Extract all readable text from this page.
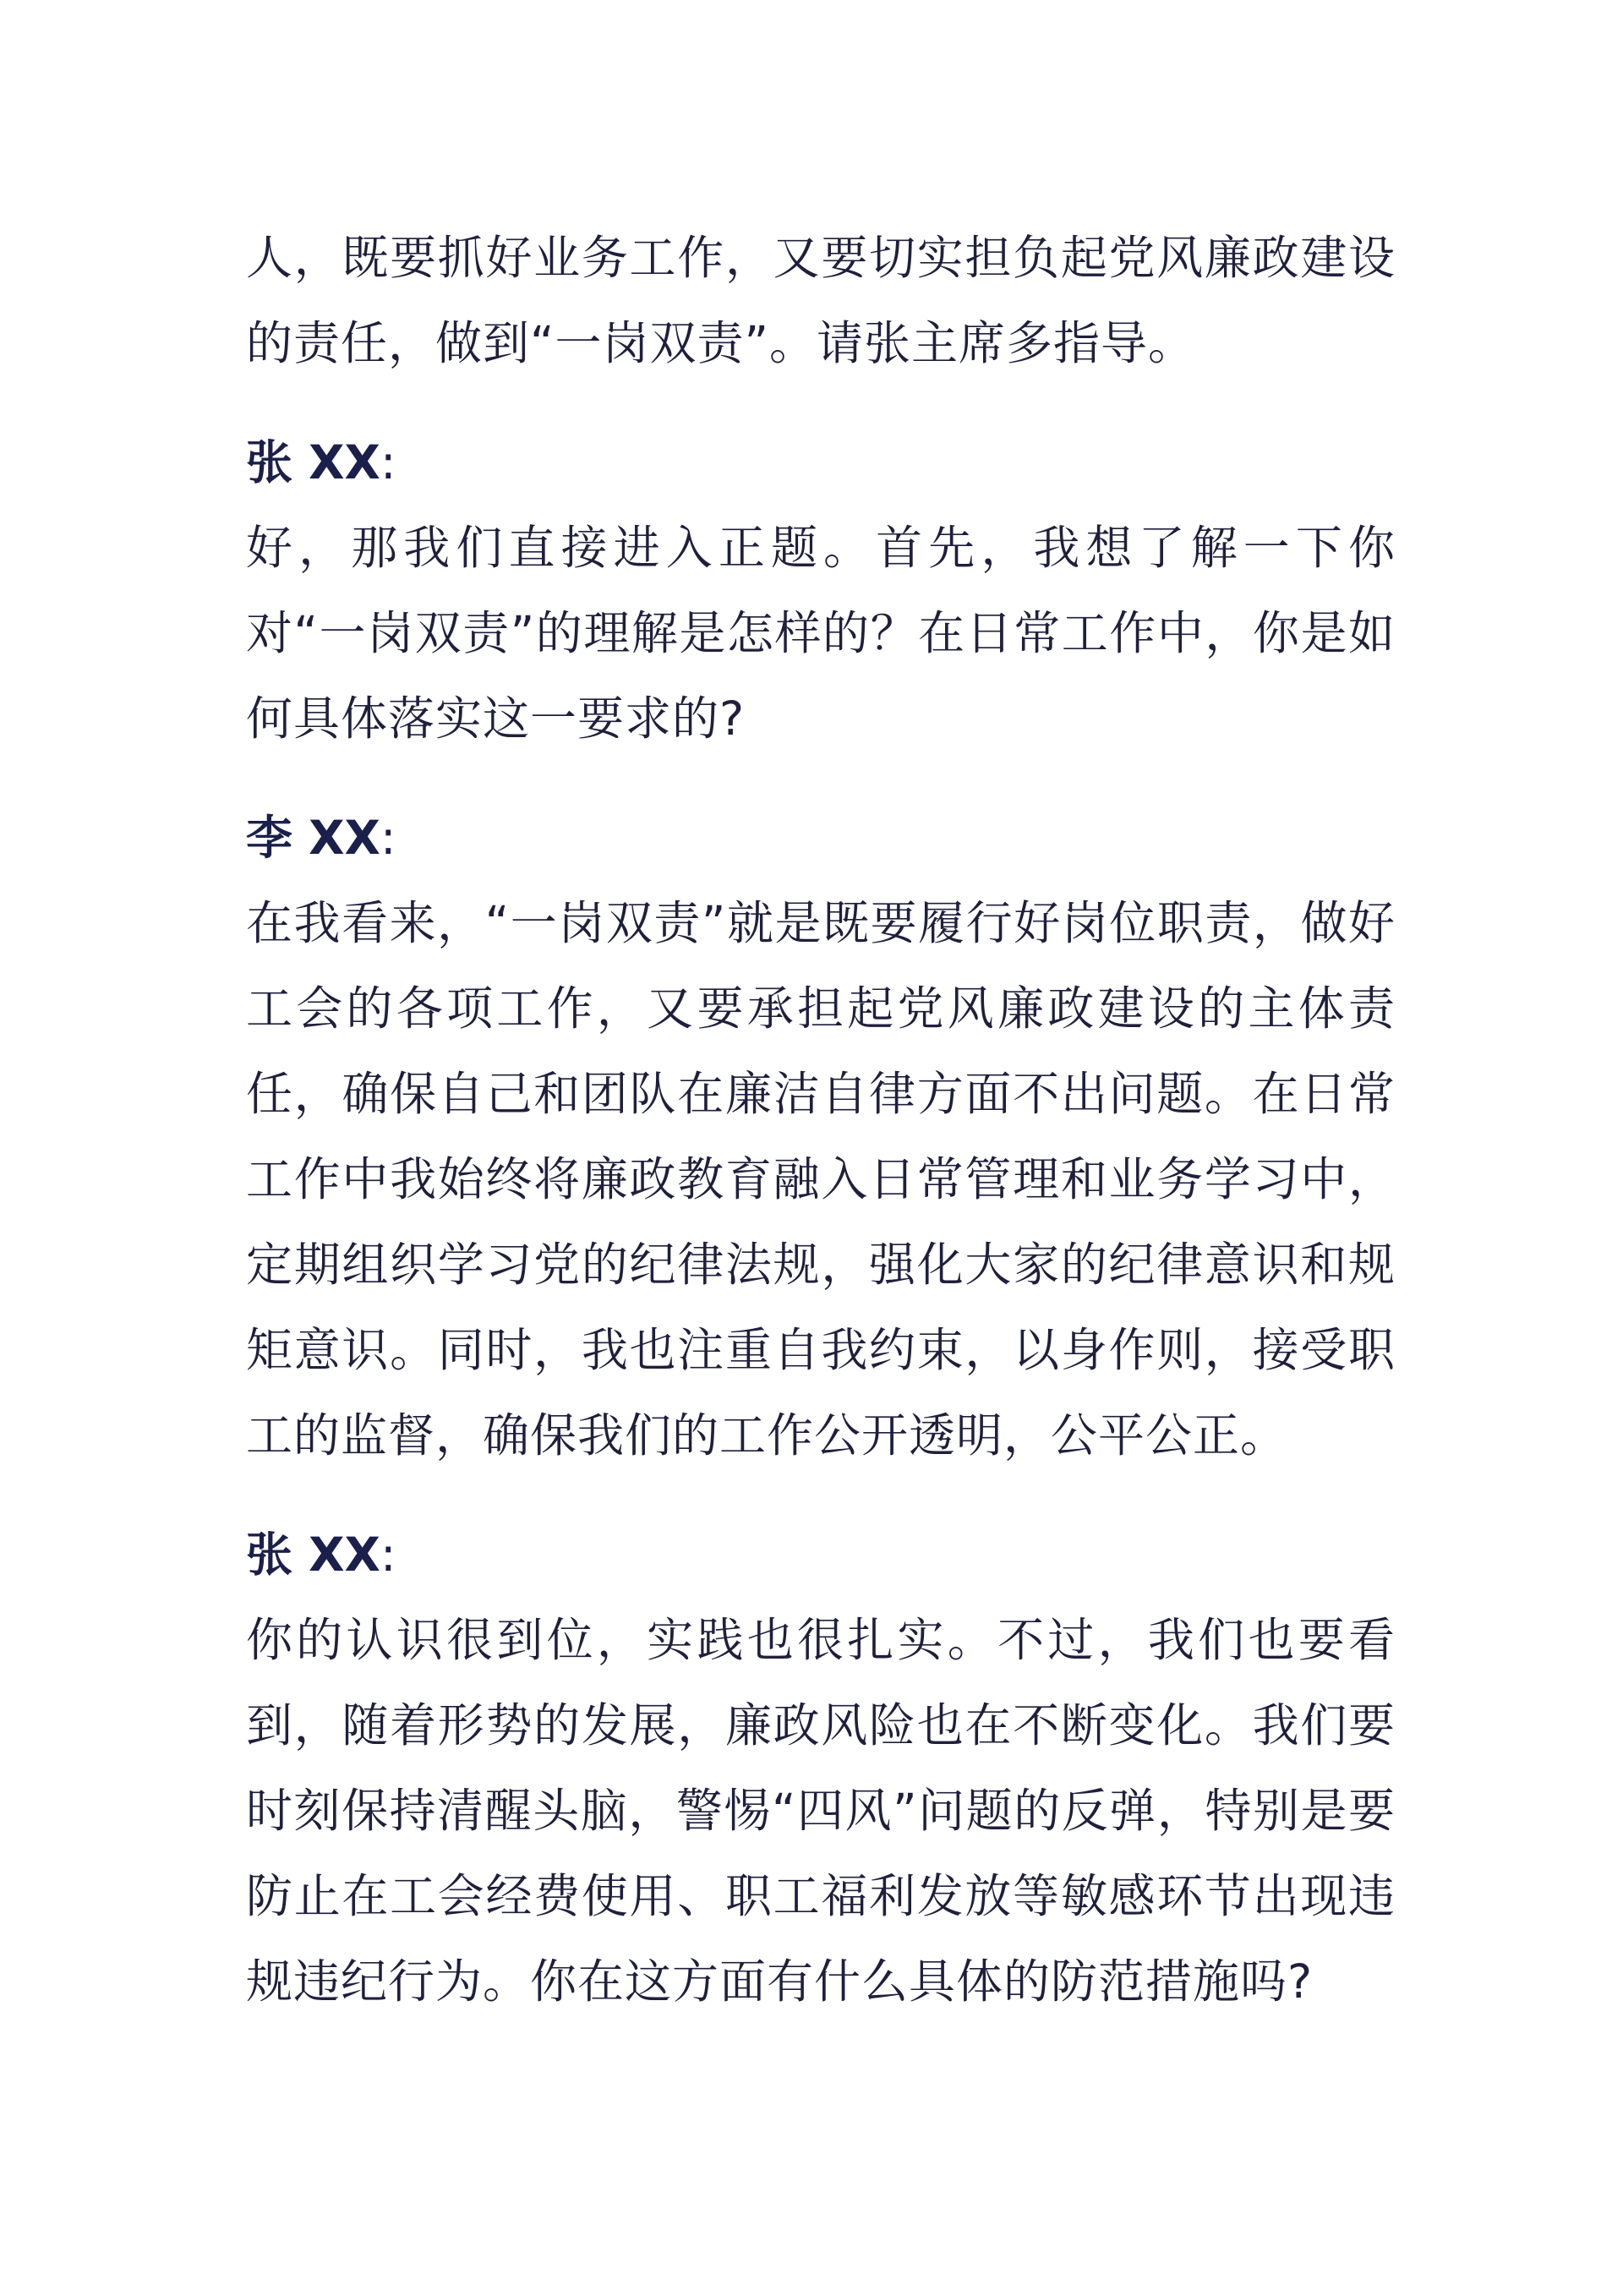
人，既要抓好业务工作，又要切实担负起党风廉政建设的责任，做到“一岗双责”。请张主席多指导。

张 XX:

好，那我们直接进入正题。首先，我想了解一下你对“一岗双责”的理解是怎样的？在日常工作中，你是如何具体落实这一要求的?

李 XX:

在我看来，“一岗双责”就是既要履行好岗位职责，做好工会的各项工作，又要承担起党风廉政建设的主体责任，确保自己和团队在廉洁自律方面不出问题。在日常工作中我始终将廉政教育融入日常管理和业务学习中，定期组织学习党的纪律法规，强化大家的纪律意识和规矩意识。同时，我也注重自我约束，以身作则，接受职工的监督，确保我们的工作公开透明，公平公正。

张 XX:

你的认识很到位，实践也很扎实。不过，我们也要看到，随着形势的发展，廉政风险也在不断变化。我们要时刻保持清醒头脑，警惕“四风”问题的反弹，特别是要防止在工会经费使用、职工福利发放等敏感环节出现违规违纪行为。你在这方面有什么具体的防范措施吗?
